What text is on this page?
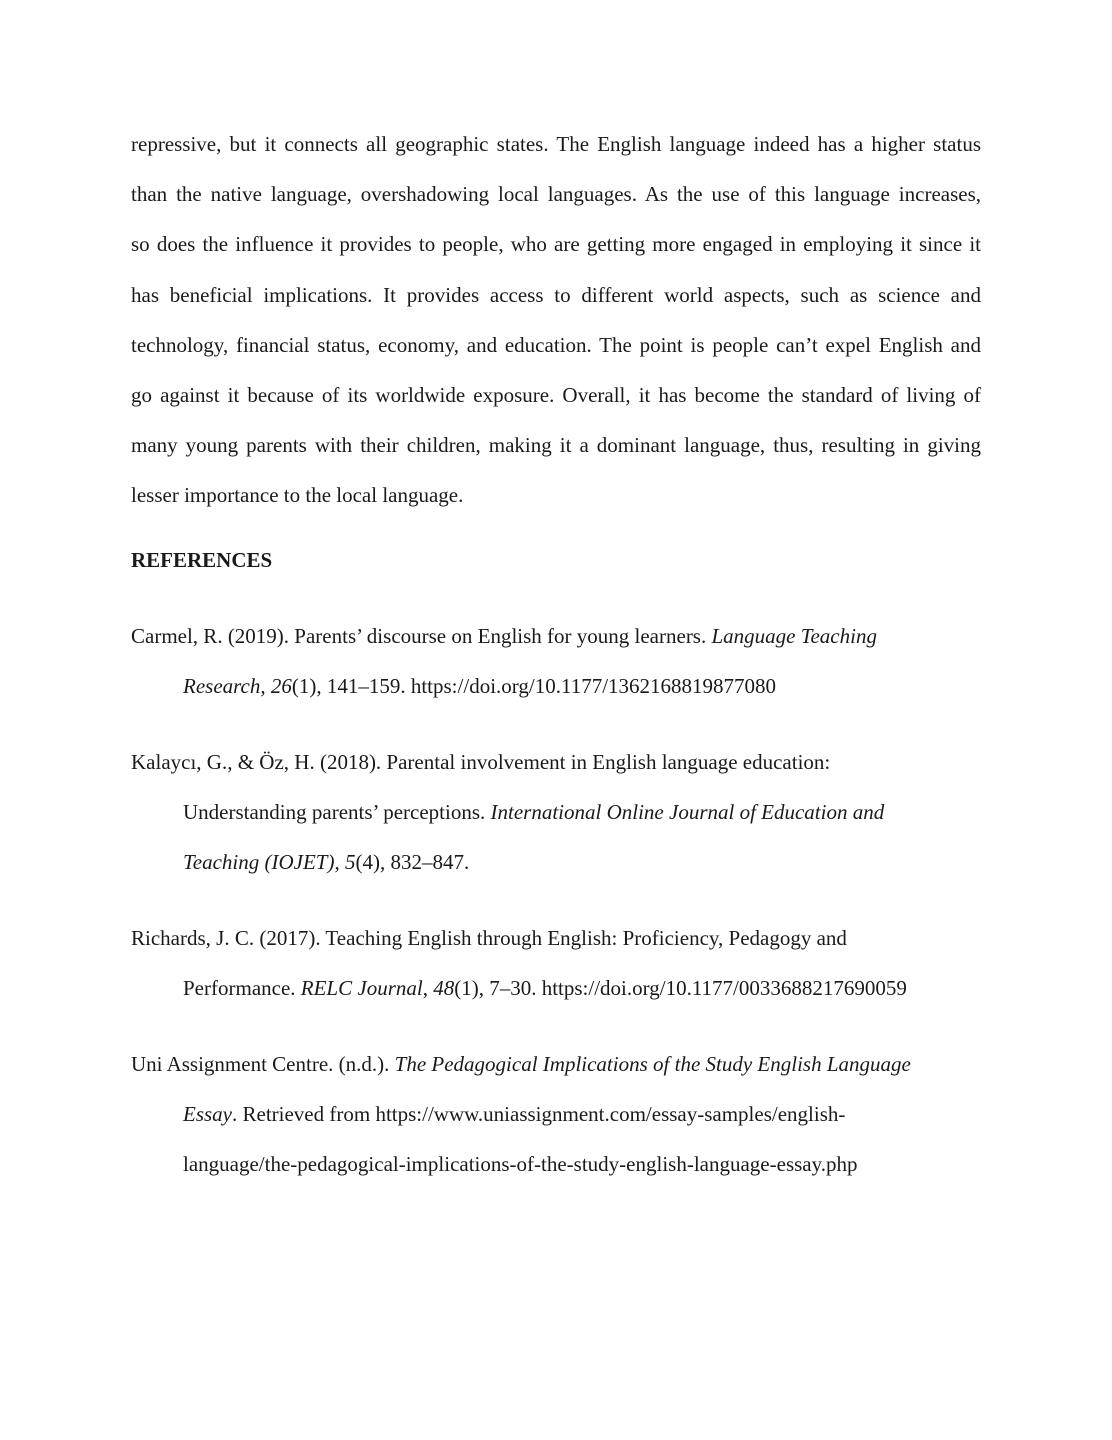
repressive, but it connects all geographic states. The English language indeed has a higher status
than the native language, overshadowing local languages. As the use of this language increases,
so does the influence it provides to people, who are getting more engaged in employing it since it
has beneficial implications. It provides access to different world aspects, such as science and
technology, financial status, economy, and education. The point is people can’t expel English and
go against it because of its worldwide exposure. Overall, it has become the standard of living of
many young parents with their children, making it a dominant language, thus, resulting in giving
lesser importance to the local language.
REFERENCES
Carmel, R. (2019). Parents’ discourse on English for young learners. Language Teaching
Research, 26(1), 141–159. https://doi.org/10.1177/1362168819877080
Kalaycı, G., & Öz, H. (2018). Parental involvement in English language education:
Understanding parents’ perceptions. International Online Journal of Education and
Teaching (IOJET), 5(4), 832–847.
Richards, J. C. (2017). Teaching English through English: Proficiency, Pedagogy and
Performance. RELC Journal, 48(1), 7–30. https://doi.org/10.1177/0033688217690059
Uni Assignment Centre. (n.d.). The Pedagogical Implications of the Study English Language
Essay. Retrieved from https://www.uniassignment.com/essay-samples/english-
language/the-pedagogical-implications-of-the-study-english-language-essay.php
